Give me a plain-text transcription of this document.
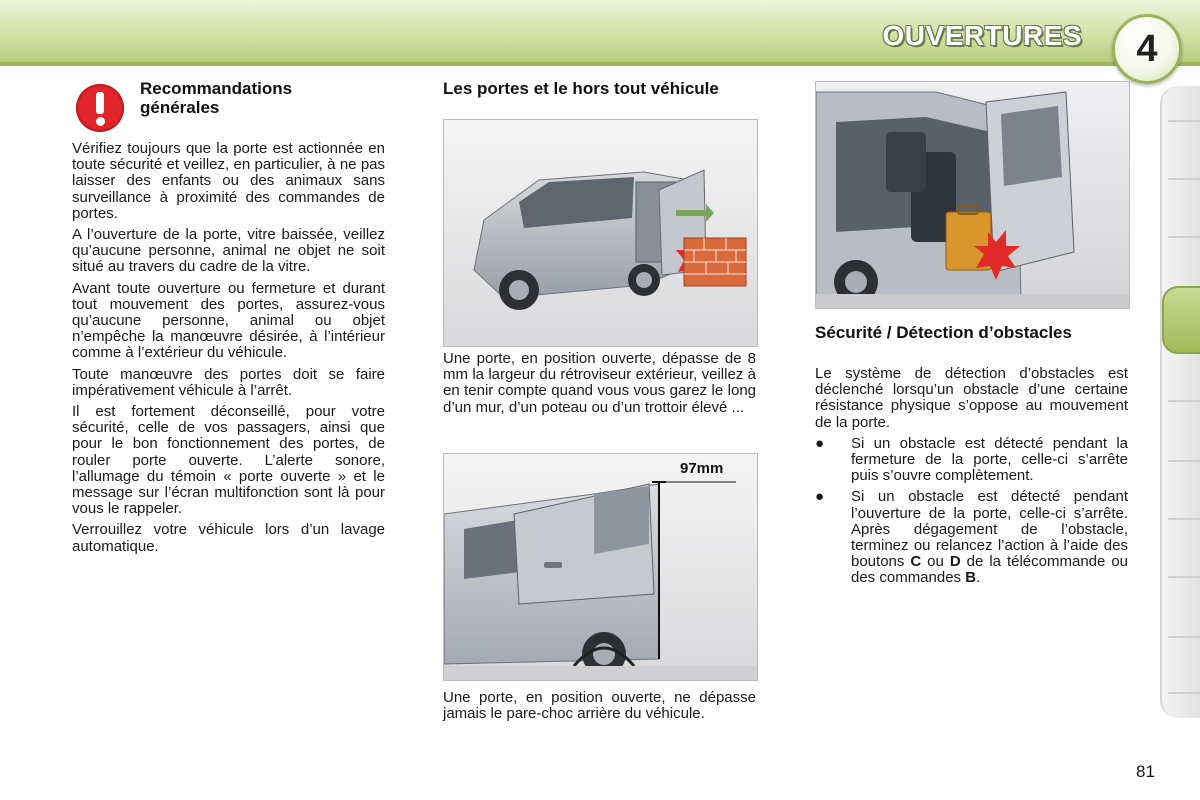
OUVERTURES	4
Recommandations générales

Vérifiez toujours que la porte est actionnée en toute sécurité et veillez, en particulier, à ne pas laisser des enfants ou des animaux sans surveillance à proximité des commandes de portes.

A l’ouverture de la porte, vitre baissée, veillez qu’aucune personne, animal ne objet ne soit situé au travers du cadre de la vitre.

Avant toute ouverture ou fermeture et durant tout mouvement des portes, assurez-vous qu’aucune personne, animal ou objet n’empêche la manœuvre désirée, à l’intérieur comme à l’extérieur du véhicule.

Toute manœuvre des portes doit se faire impérativement véhicule à l’arrêt.

Il est fortement déconseillé, pour votre sécurité, celle de vos passagers, ainsi que pour le bon fonctionnement des portes, de rouler porte ouverte. L’alerte sonore, l’allumage du témoin « porte ouverte » et le message sur l’écran multifonction sont là pour vous le rappeler.

Verrouillez votre véhicule lors d’un lavage automatique.

Les portes et le hors tout véhicule
Une porte, en position ouverte, dépasse de 8 mm la largeur du rétroviseur extérieur, veillez à en tenir compte quand vous vous garez le long d’un mur, d’un poteau ou d’un trottoir élevé ...
97mm
Une porte, en position ouverte, ne dépasse jamais le pare-choc arrière du véhicule.
Sécurité / Détection d’obstacles

Le système de détection d’obstacles est déclenché lorsqu’un obstacle d’une certaine résistance physique s’oppose au mouvement de la porte.

● Si un obstacle est détecté pendant la fermeture de la porte, celle-ci s’arrête puis s’ouvre complètement.
● Si un obstacle est détecté pendant l’ouverture de la porte, celle-ci s’arrête. Après dégagement de l’obstacle, terminez ou relancez l’action à l’aide des boutons C ou D de la télécommande ou des commandes B.
81
